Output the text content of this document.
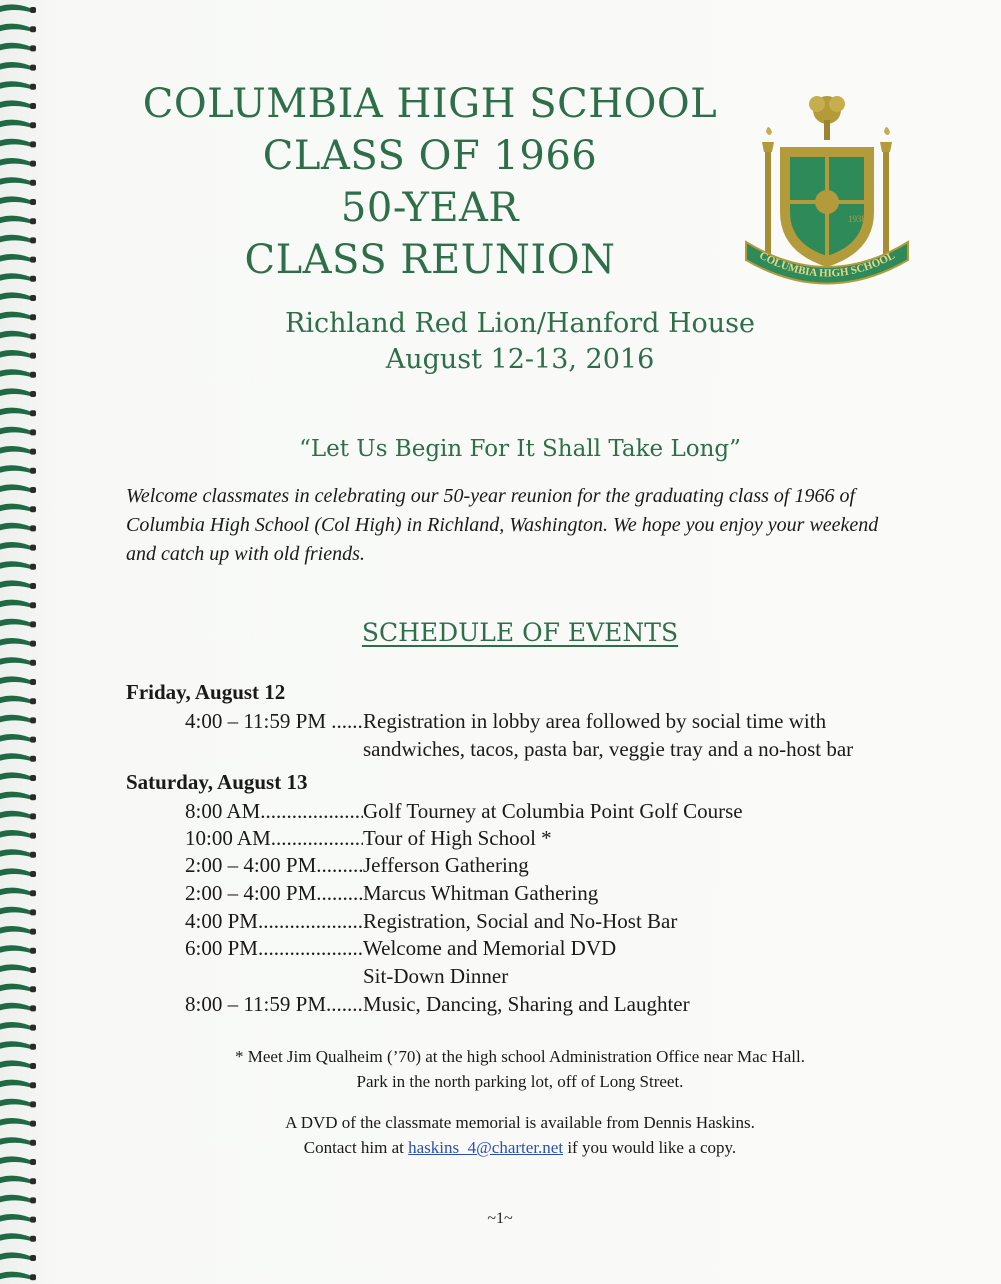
COLUMBIA HIGH SCHOOL
CLASS OF 1966
50-YEAR
CLASS REUNION
1938
COLUMBIA HIGH SCHOOL
Richland Red Lion/Hanford House
August 12-13, 2016
“Let Us Begin For It Shall Take Long”
Welcome classmates in celebrating our 50-year reunion for the graduating class of 1966 of Columbia High School (Col High) in Richland, Washington. We hope you enjoy your weekend and catch up with old friends.
SCHEDULE OF EVENTS
Friday, August 12
4:00 – 11:59 PM .....Registration in lobby area followed by social time with
sandwiches, tacos, pasta bar, veggie tray and a no-host bar
Saturday, August 13
8:00 AM .....	Golf Tourney at Columbia Point Golf Course
10:00 AM .....	Tour of High School *
2:00 – 4:00 PM ..... Jefferson Gathering
2:00 – 4:00 PM ..... Marcus Whitman Gathering
4:00 PM .....	Registration, Social and No-Host Bar
6:00 PM .....	Welcome and Memorial DVD
Sit-Down Dinner
8:00 – 11:59 PM ..... Music, Dancing, Sharing and Laughter
* Meet Jim Qualheim (’70) at the high school Administration Office near Mac Hall.
Park in the north parking lot, off of Long Street.
A DVD of the classmate memorial is available from Dennis Haskins.
Contact him at haskins_4@charter.net if you would like a copy.
~1~
